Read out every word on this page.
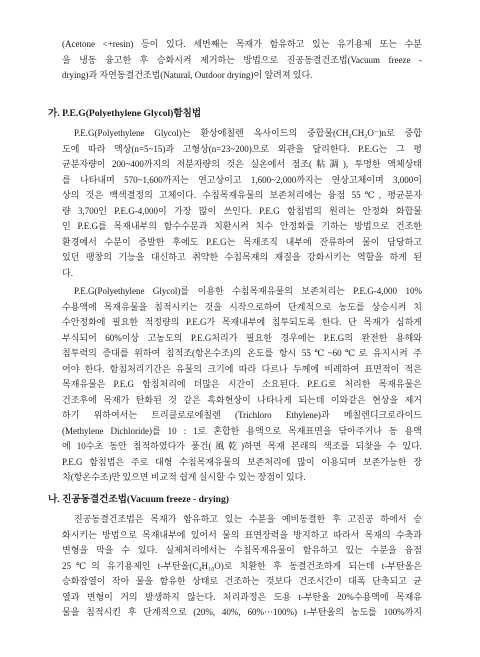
(Acetone <+resin) 등이 있다. 세번째는 목재가 함유하고 있는 유기용제 또는 수분
을 냉동 융고한 후 승화시켜 제거하는 방법으로 진공동결건조법(Vacuum freeze -
drying)과 자연동결건조법(Natural, Outdoor drying)이 알려져 있다.
가. P.E.G(Polyethylene Glycol)함침법
P.E.G(Polyethylene Glycol)는 환상에칠렌 옥사이드의 중합물(CH₂CH₂O⁻)n로 중합
도에 따라 액상(n=5~15)과 고형상(n=23~200)으로 외관을 달리한다. P.E.G는 그 평
균분자량이 200~400까지의 저분자량의 것은 실온에서 점조(粘調), 투명한 액체상태
를 나타내며 570~1,600까지는 연고상이고 1,600~2,000까지는 연상고체이며 3,000이
상의 것은 백색결정의 고체이다. 수침목재유물의 보존처리에는 융점 55℃, 평균분자
량 3,700인 P.E.G-4,000이 가장 많이 쓰인다. P.E.G 함침법의 원리는 안정화 화합물
인 P.E.G를 목재내부의 함수수분과 치환시켜 치수 안정화를 기하는 방법으로 건조한
환경에서 수분이 증발한 후에도 P.E.G는 목재조직 내부에 잔류하여 물이 담당하고
있던 팽창의 기능을 대신하고 취약한 수침목재의 재질을 강화시키는 역할을 하게 된
다.
P.E.G(Polyethylene Glycol)를 이용한 수침목재유물의 보존처리는 P.E.G-4,000 10%
수용액에 목재유물을 침적시키는 것을 시작으로하여 단계적으로 농도를 상승시켜 치
수안정화에 필요한 적정량의 P.E.G가 목재내부에 침투되도록 한다. 단 목재가 심하게
부식되어 60%이상 고농도의 P.E.G처리가 필요한 경우에는 P.E.G의 완전한 용해와
침투력의 증대를 위하여 침적조(항온수조)의 온도를 항시 55℃~60℃로 유지시켜 주
어야 한다. 함침처리기간은 유물의 크기에 따라 다르나 두께에 비례하여 표면적이 적은
목재유물은 P.E.G 함침처리에 더많은 시간이 소요된다. P.E.G로 처리한 목재유물은
건조후에 목재가 탄화된 것 같은 흑화현상이 나타나게 되는데 이와같은 현상을 제거
하기 위하여서는 트리클로로에칠렌 (Trichloro Ethylene)과 메칠렌디크로라이드
(Methylene Dichloride)를 10 : 1로 혼합한 용액으로 목재표면을 닦아주거나 동 용액
에 10수초 동안 침적하였다가 풍건(風乾)하면 목재 본래의 색조를 되찾을 수 있다.
P.E.G 함침법은 주로 대형 수침목재유물의 보존처리에 많이 이용되며 보존가능한 장
치(항온수조)만 있으면 비교적 쉽게 실시할 수 있는 장점이 있다.
나. 진공동결건조법(Vacuum freeze - drying)
진공동결건조법은 목재가 함유하고 있는 수분을 예비동결한 후 고진공 하에서 승
화시키는 방법으로 목재내부에 있어서 물의 표면장력을 방지하고 따라서 목재의 수축과
변형을 막을 수 있다. 실제처리에서는 수침목재유물이 함유하고 있는 수분을 융점
25℃의 유기용제인 t-부탄올(C₄H₁₀O)로 치환한 후 동결건조하게 되는데 t-부탄올은
승화잠열이 작아 물을 함유한 상태로 건조하는 것보다 건조시간이 대폭 단축되고 균
열과 변형이 거의 발생하지 않는다. 처리과정은 도용 t-부탄올 20%수용액에 목재유
물을 침적시킨 후 단계적으로 (20%, 40%, 60%···100%) t-부탄올의 농도를 100%까지
